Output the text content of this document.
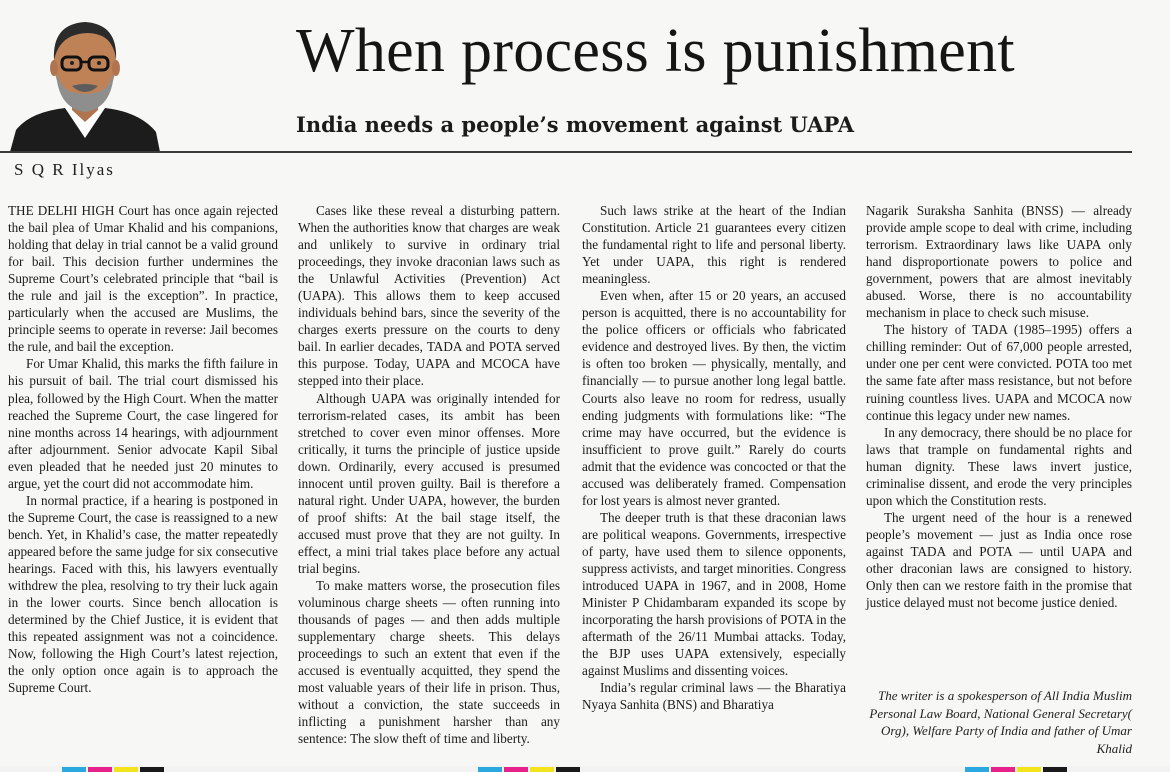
When process is punishment
India needs a people’s movement against UAPA
S Q R Ilyas

THE DELHI HIGH Court has once again rejected the bail plea of Umar Khalid and his companions, holding that delay in trial cannot be a valid ground for bail. This decision further undermines the Supreme Court’s celebrated principle that “bail is the rule and jail is the exception”. In practice, particularly when the accused are Muslims, the principle seems to operate in reverse: Jail becomes the rule, and bail the exception.

For Umar Khalid, this marks the fifth failure in his pursuit of bail. The trial court dismissed his plea, followed by the High Court. When the matter reached the Supreme Court, the case lingered for nine months across 14 hearings, with adjournment after adjournment. Senior advocate Kapil Sibal even pleaded that he needed just 20 minutes to argue, yet the court did not accommodate him.

In normal practice, if a hearing is postponed in the Supreme Court, the case is reassigned to a new bench. Yet, in Khalid’s case, the matter repeatedly appeared before the same judge for six consecutive hearings. Faced with this, his lawyers eventually withdrew the plea, resolving to try their luck again in the lower courts. Since bench allocation is determined by the Chief Justice, it is evident that this repeated assignment was not a coincidence. Now, following the High Court’s latest rejection, the only option once again is to approach the Supreme Court.

Cases like these reveal a disturbing pattern. When the authorities know that charges are weak and unlikely to survive in ordinary trial proceedings, they invoke draconian laws such as the Unlawful Activities (Prevention) Act (UAPA). This allows them to keep accused individuals behind bars, since the severity of the charges exerts pressure on the courts to deny bail. In earlier decades, TADA and POTA served this purpose. Today, UAPA and MCOCA have stepped into their place.

Although UAPA was originally intended for terrorism-related cases, its ambit has been stretched to cover even minor offenses. More critically, it turns the principle of justice upside down. Ordinarily, every accused is presumed innocent until proven guilty. Bail is therefore a natural right. Under UAPA, however, the burden of proof shifts: At the bail stage itself, the accused must prove that they are not guilty. In effect, a mini trial takes place before any actual trial begins.

To make matters worse, the prosecution files voluminous charge sheets — often running into thousands of pages — and then adds multiple supplementary charge sheets. This delays proceedings to such an extent that even if the accused is eventually acquitted, they spend the most valuable years of their life in prison. Thus, without a conviction, the state succeeds in inflicting a punishment harsher than any sentence: The slow theft of time and liberty.

Such laws strike at the heart of the Indian Constitution. Article 21 guarantees every citizen the fundamental right to life and personal liberty. Yet under UAPA, this right is rendered meaningless.

Even when, after 15 or 20 years, an accused person is acquitted, there is no accountability for the police officers or officials who fabricated evidence and destroyed lives. By then, the victim is often too broken — physically, mentally, and financially — to pursue another long legal battle. Courts also leave no room for redress, usually ending judgments with formulations like: “The crime may have occurred, but the evidence is insufficient to prove guilt.” Rarely do courts admit that the evidence was concocted or that the accused was deliberately framed. Compensation for lost years is almost never granted.

The deeper truth is that these draconian laws are political weapons. Governments, irrespective of party, have used them to silence opponents, suppress activists, and target minorities. Congress introduced UAPA in 1967, and in 2008, Home Minister P Chidambaram expanded its scope by incorporating the harsh provisions of POTA in the aftermath of the 26/11 Mumbai attacks. Today, the BJP uses UAPA extensively, especially against Muslims and dissenting voices.

India’s regular criminal laws — the Bharatiya Nyaya Sanhita (BNS) and Bharatiya

Nagarik Suraksha Sanhita (BNSS) — already provide ample scope to deal with crime, including terrorism. Extraordinary laws like UAPA only hand disproportionate powers to police and government, powers that are almost inevitably abused. Worse, there is no accountability mechanism in place to check such misuse.

The history of TADA (1985–1995) offers a chilling reminder: Out of 67,000 people arrested, under one per cent were convicted. POTA too met the same fate after mass resistance, but not before ruining countless lives. UAPA and MCOCA now continue this legacy under new names.

In any democracy, there should be no place for laws that trample on fundamental rights and human dignity. These laws invert justice, criminalise dissent, and erode the very principles upon which the Constitution rests.

The urgent need of the hour is a renewed people’s movement — just as India once rose against TADA and POTA — until UAPA and other draconian laws are consigned to history. Only then can we restore faith in the promise that justice delayed must not become justice denied.

The writer is a spokesperson of All India Muslim Personal Law Board, National General Secretary( Org), Welfare Party of India and father of Umar Khalid
